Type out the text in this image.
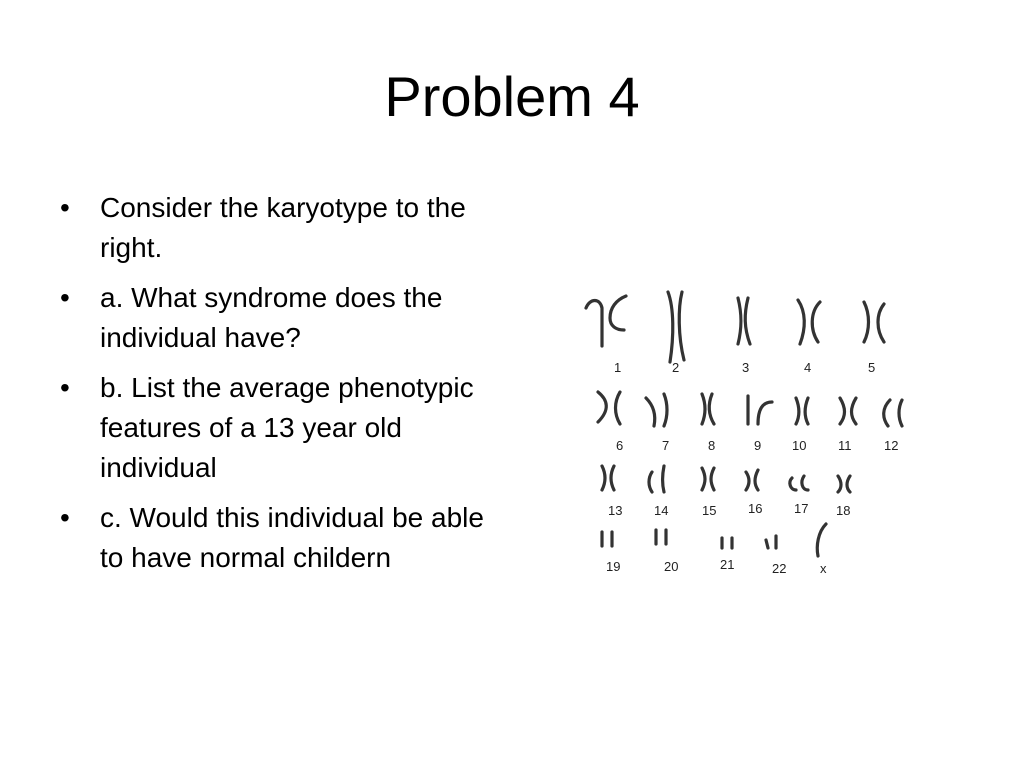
Problem 4
•	Consider the karyotype to the right.
•	a. What syndrome does the individual have?
•	b. List the average phenotypic features of a 13 year old individual
•	c. Would this individual be able to have normal childern
1	2	3	4	5
6	7	8	9 10 11	12
13 14	15 16 17 18
19	20	21	22	x
